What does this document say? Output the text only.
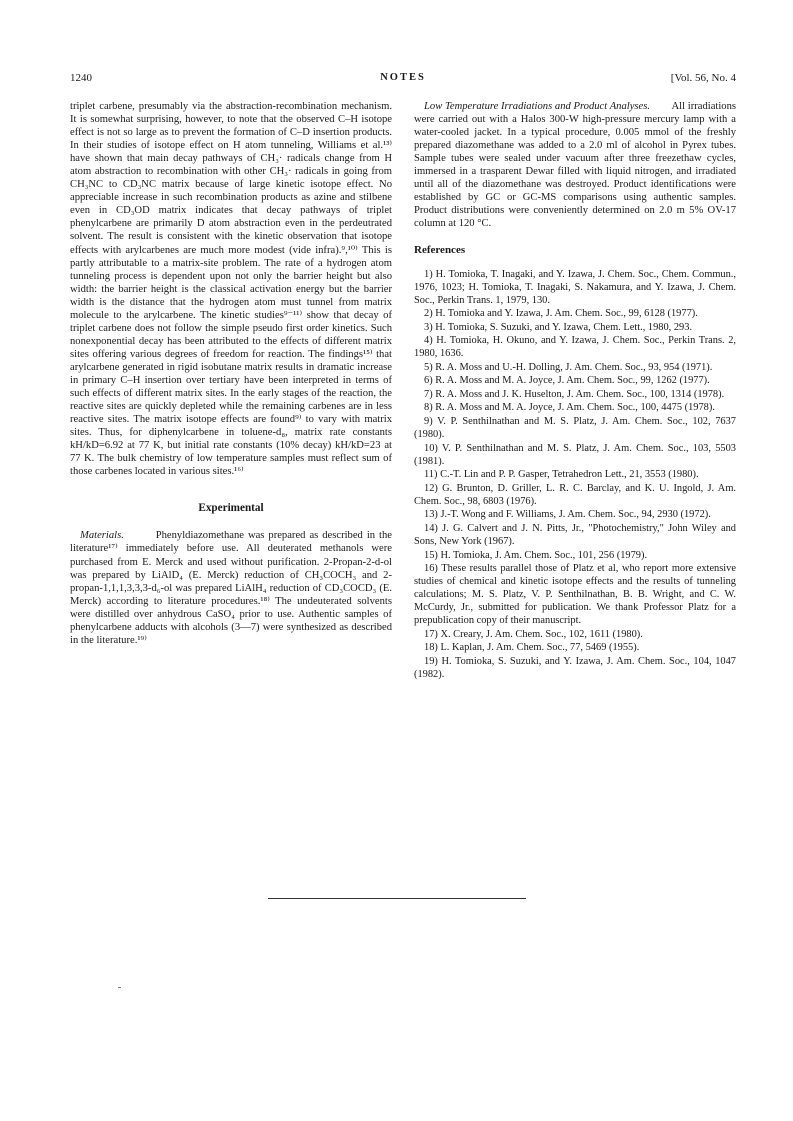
1240	NOTES	[Vol. 56, No. 4

triplet carbene, presumably via the abstraction-recombination mechanism. It is somewhat surprising, however, to note that the observed C–H isotope effect is not so large as to prevent the formation of C–D insertion products. In their studies of isotope effect on H atom tunneling, Williams et al.¹³⁾ have shown that main decay pathways of CH₃· radicals change from H atom abstraction to recombination with other CH₃· radicals in going from CH₃NC to CD₃NC matrix because of large kinetic isotope effect. No appreciable increase in such recombination products as azine and stilbene even in CD₃OD matrix indicates that decay pathways of triplet phenylcarbene are primarily D atom abstraction even in the perdeutrated solvent. The result is consistent with the kinetic observation that isotope effects with arylcarbenes are much more modest (vide infra).⁹,¹⁰⁾ This is partly attributable to a matrix-site problem. The rate of a hydrogen atom tunneling process is dependent upon not only the barrier height but also width: the barrier height is the classical activation energy but the barrier width is the distance that the hydrogen atom must tunnel from matrix molecule to the arylcarbene. The kinetic studies⁹⁻¹¹⁾ show that decay of triplet carbene does not follow the simple pseudo first order kinetics. Such nonexponential decay has been attributed to the effects of different matrix sites offering various degrees of freedom for reaction. The findings¹⁵⁾ that arylcarbene generated in rigid isobutane matrix results in dramatic increase in primary C–H insertion over tertiary have been interpreted in terms of such effects of different matrix sites. In the early stages of the reaction, the reactive sites are quickly depleted while the remaining carbenes are in less reactive sites. The matrix isotope effects are found⁹⁾ to vary with matrix sites. Thus, for diphenylcarbene in toluene-d₈, matrix rate constants kH/kD=6.92 at 77 K, but initial rate constants (10% decay) kH/kD=23 at 77 K. The bulk chemistry of low temperature samples must reflect sum of those carbenes located in various sites.¹⁶⁾

Experimental

Materials.	Phenyldiazomethane was prepared as described in the literature¹⁷⁾ immediately before use. All deuterated methanols were purchased from E. Merck and used without purification. 2-Propan-2-d-ol was prepared by LiAlD₄ (E. Merck) reduction of CH₃COCH₃ and 2-propan-1,1,1,3,3,3-d₆-ol was prepared LiAlH₄ reduction of CD₃COCD₃ (E. Merck) according to literature procedures.¹⁸⁾ The undeuterated solvents were distilled over anhydrous CaSO₄ prior to use. Authentic samples of phenylcarbene adducts with alcohols (3—7) were synthesized as described in the literature.¹⁹⁾

Low Temperature Irradiations and Product Analyses. All irradiations were carried out with a Halos 300-W high-pressure mercury lamp with a water-cooled jacket. In a typical procedure, 0.005 mmol of the freshly prepared diazomethane was added to a 2.0 ml of alcohol in Pyrex tubes. Sample tubes were sealed under vacuum after three freezethaw cycles, immersed in a trasparent Dewar filled with liquid nitrogen, and irradiated until all of the diazomethane was destroyed. Product identifications were established by GC or GC-MS comparisons using authentic samples. Product distributions were conveniently determined on 2.0 m 5% OV-17 column at 120 °C.

References
1) H. Tomioka, T. Inagaki, and Y. Izawa, J. Chem. Soc., Chem. Commun., 1976, 1023; H. Tomioka, T. Inagaki, S. Nakamura, and Y. Izawa, J. Chem. Soc., Perkin Trans. 1, 1979, 130.
2) H. Tomioka and Y. Izawa, J. Am. Chem. Soc., 99, 6128 (1977).
3) H. Tomioka, S. Suzuki, and Y. Izawa, Chem. Lett., 1980, 293.
4) H. Tomioka, H. Okuno, and Y. Izawa, J. Chem. Soc., Perkin Trans. 2, 1980, 1636.
5) R. A. Moss and U.-H. Dolling, J. Am. Chem. Soc., 93, 954 (1971).
6) R. A. Moss and M. A. Joyce, J. Am. Chem. Soc., 99, 1262 (1977).
7) R. A. Moss and J. K. Huselton, J. Am. Chem. Soc., 100, 1314 (1978).
8) R. A. Moss and M. A. Joyce, J. Am. Chem. Soc., 100, 4475 (1978).
9) V. P. Senthilnathan and M. S. Platz, J. Am. Chem. Soc., 102, 7637 (1980).
10) V. P. Senthilnathan and M. S. Platz, J. Am. Chem. Soc., 103, 5503 (1981).
11) C.-T. Lin and P. P. Gasper, Tetrahedron Lett., 21, 3553 (1980).
12) G. Brunton, D. Griller, L. R. C. Barclay, and K. U. Ingold, J. Am. Chem. Soc., 98, 6803 (1976).
13) J.-T. Wong and F. Williams, J. Am. Chem. Soc., 94, 2930 (1972).
14) J. G. Calvert and J. N. Pitts, Jr., "Photochemistry," John Wiley and Sons, New York (1967).
15) H. Tomioka, J. Am. Chem. Soc., 101, 256 (1979).
16) These results parallel those of Platz et al, who report more extensive studies of chemical and kinetic isotope effects and the results of tunneling calculations; M. S. Platz, V. P. Senthilnathan, B. B. Wright, and C. W. McCurdy, Jr., submitted for publication. We thank Professor Platz for a prepublication copy of their manuscript.
17) X. Creary, J. Am. Chem. Soc., 102, 1611 (1980).
18) L. Kaplan, J. Am. Chem. Soc., 77, 5469 (1955).
19) H. Tomioka, S. Suzuki, and Y. Izawa, J. Am. Chem. Soc., 104, 1047 (1982).
